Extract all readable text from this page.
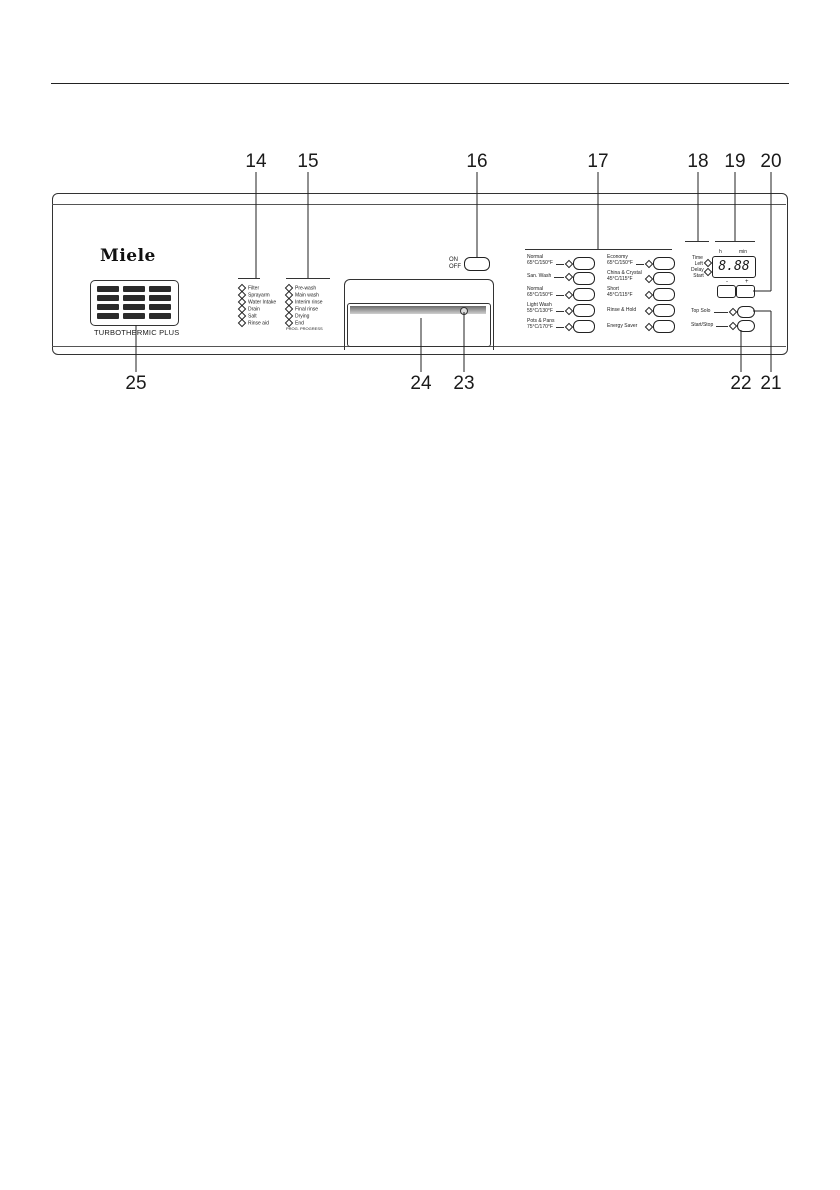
14 15	16	17	18 19 20
25	24 23	22 21
Miele
TURBOTHERMIC PLUS
Filter
Sprayarm
Water Intake
Drain
Salt
Rinse aid
Pre-wash
Main wash
Interim rinse
Final rinse
Drying
End
PROG. PROGRESS
ON
OFF
Normal
65°C/150°F
San. Wash
Normal
65°C/150°F
Light Wash
55°C/130°F
Pots & Pans
75°C/170°F
Economy
65°C/150°F
China & Crystal
45°C/115°F
Short
45°C/115°F
Rinse & Hold
Energy Saver
Time
Left
Delay
Start
h	min
8.88
-	+
Top Solo
Start/Stop
